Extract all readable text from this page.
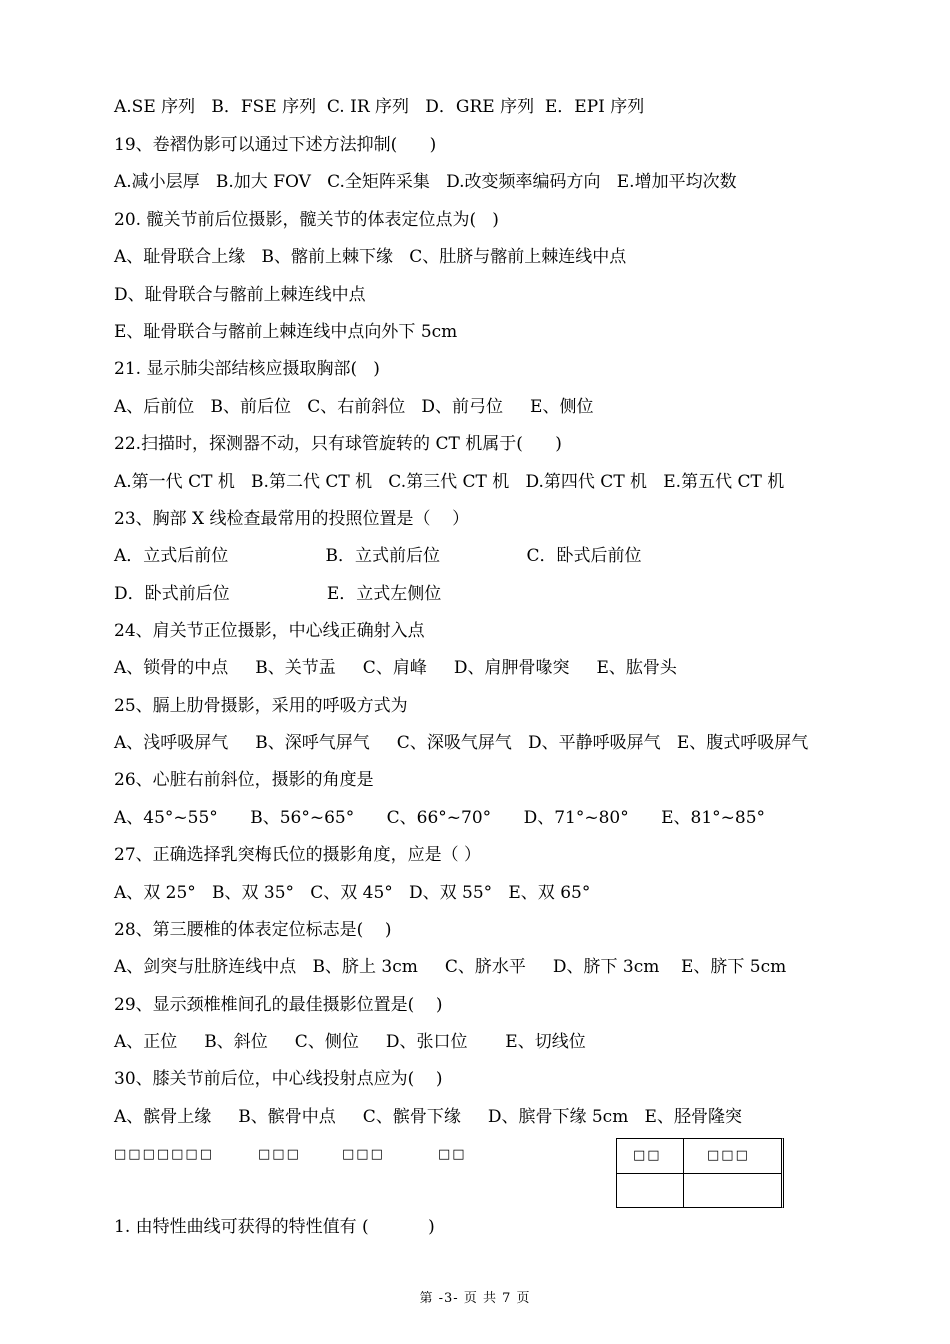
A.SE 序列   B．FSE 序列  C. IR 序列   D．GRE 序列  E．EPI 序列
19、卷褶伪影可以通过下述方法抑制(      )
A.减小层厚   B.加大 FOV   C.全矩阵采集   D.改变频率编码方向   E.增加平均次数
20. 髋关节前后位摄影，髋关节的体表定位点为(   )
A、耻骨联合上缘   B、髂前上棘下缘   C、肚脐与髂前上棘连线中点
D、耻骨联合与髂前上棘连线中点
E、耻骨联合与髂前上棘连线中点向外下 5cm
21. 显示肺尖部结核应摄取胸部(   )
A、后前位   B、前后位   C、右前斜位   D、前弓位     E、侧位
22.扫描时，探测器不动，只有球管旋转的 CT 机属于(      )
A.第一代 CT 机   B.第二代 CT 机   C.第三代 CT 机   D.第四代 CT 机   E.第五代 CT 机
23、胸部 X 线检查最常用的投照位置是（    ）
A．立式后前位                  B．立式前后位                C．卧式后前位
D．卧式前后位                  E．立式左侧位
24、肩关节正位摄影，中心线正确射入点
A、锁骨的中点     B、关节盂     C、肩峰     D、肩胛骨喙突     E、肱骨头
25、膈上肋骨摄影，采用的呼吸方式为
A、浅呼吸屏气     B、深呼气屏气     C、深吸气屏气   D、平静呼吸屏气   E、腹式呼吸屏气
26、心脏右前斜位，摄影的角度是
A、45°~55°      B、56°~65°      C、66°~70°      D、71°~80°      E、81°~85°
27、正确选择乳突梅氏位的摄影角度，应是（ ）
A、双 25°   B、双 35°   C、双 45°   D、双 55°   E、双 65°
28、第三腰椎的体表定位标志是(    )
A、剑突与肚脐连线中点   B、脐上 3cm     C、脐水平     D、脐下 3cm    E、脐下 5cm
29、显示颈椎椎间孔的最佳摄影位置是(    )
A、正位     B、斜位     C、侧位     D、张口位       E、切线位
30、膝关节前后位，中心线投射点应为(    )
A、髌骨上缘     B、髌骨中点     C、髌骨下缘     D、膑骨下缘 5cm   E、胫骨隆突
□□□□□□□	□□□	□□□	□□	□□	□□□
1. 由特性曲线可获得的特性值有 (           )
第 -3- 页 共 7 页
